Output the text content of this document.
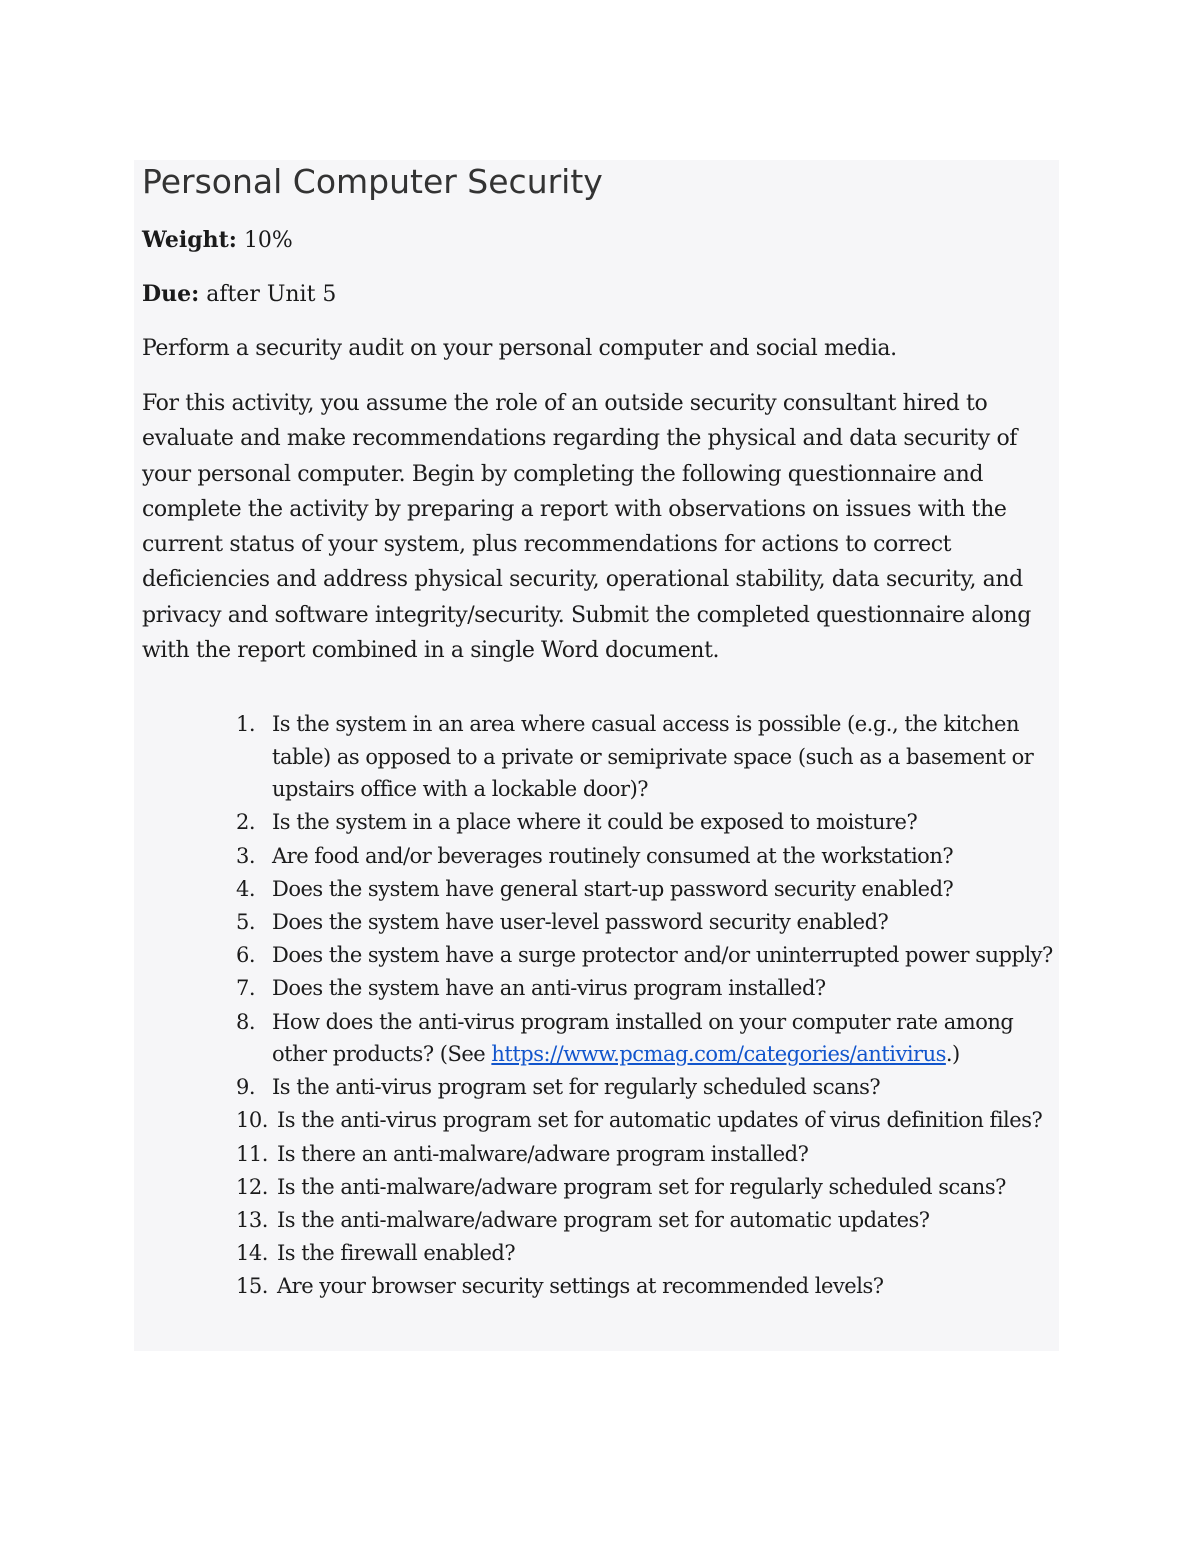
Personal Computer Security

Weight: 10%

Due: after Unit 5

Perform a security audit on your personal computer and social media.

For this activity, you assume the role of an outside security consultant hired to evaluate and make recommendations regarding the physical and data security of your personal computer. Begin by completing the following questionnaire and complete the activity by preparing a report with observations on issues with the current status of your system, plus recommendations for actions to correct deficiencies and address physical security, operational stability, data security, and privacy and software integrity/security. Submit the completed questionnaire along with the report combined in a single Word document.

1. Is the system in an area where casual access is possible (e.g., the kitchen table) as opposed to a private or semiprivate space (such as a basement or upstairs office with a lockable door)?
2. Is the system in a place where it could be exposed to moisture?
3. Are food and/or beverages routinely consumed at the workstation?
4. Does the system have general start-up password security enabled?
5. Does the system have user-level password security enabled?
6. Does the system have a surge protector and/or uninterrupted power supply?
7. Does the system have an anti-virus program installed?
8. How does the anti-virus program installed on your computer rate among other products? (See https://www.pcmag.com/categories/antivirus.)
9. Is the anti-virus program set for regularly scheduled scans?
10. Is the anti-virus program set for automatic updates of virus definition files?
11. Is there an anti-malware/adware program installed?
12. Is the anti-malware/adware program set for regularly scheduled scans?
13. Is the anti-malware/adware program set for automatic updates?
14. Is the firewall enabled?
15. Are your browser security settings at recommended levels?
